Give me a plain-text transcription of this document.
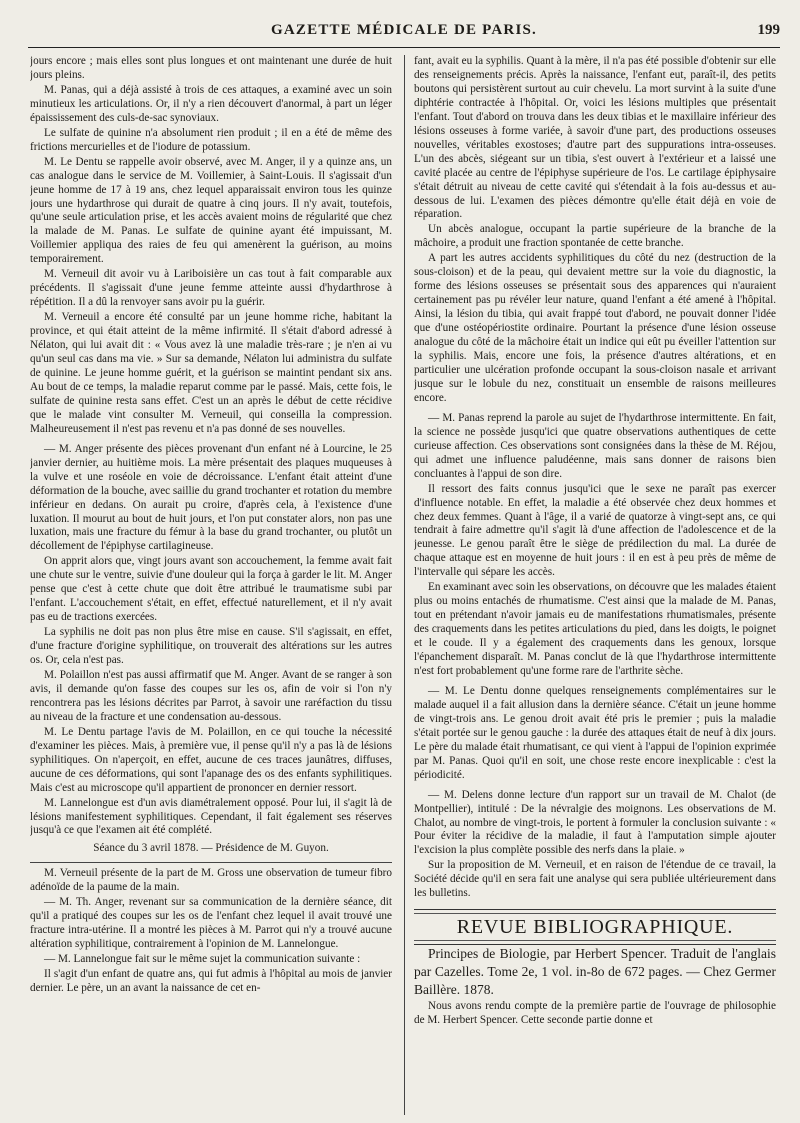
GAZETTE MÉDICALE DE PARIS.	199

jours encore ; mais elles sont plus longues et ont maintenant une durée de huit jours pleins.

M. Panas, qui a déjà assisté à trois de ces attaques, a examiné avec un soin minutieux les articulations. Or, il n'y a rien découvert d'anormal, à part un léger épaississement des culs-de-sac synoviaux.

Le sulfate de quinine n'a absolument rien produit ; il en a été de même des frictions mercurielles et de l'iodure de potassium.

M. Le Dentu se rappelle avoir observé, avec M. Anger, il y a quinze ans, un cas analogue dans le service de M. Voillemier, à Saint-Louis. Il s'agissait d'un jeune homme de 17 à 19 ans, chez lequel apparaissait environ tous les quinze jours une hydarthrose qui durait de quatre à cinq jours. Il n'y avait, toutefois, qu'une seule articulation prise, et les accès avaient moins de régularité que chez la malade de M. Panas. Le sulfate de quinine ayant été impuissant, M. Voillemier appliqua des raies de feu qui amenèrent la guérison, au moins temporairement.

M. Verneuil dit avoir vu à Lariboisière un cas tout à fait comparable aux précédents. Il s'agissait d'une jeune femme atteinte aussi d'hydarthrose à répétition. Il a dû la renvoyer sans avoir pu la guérir.

M. Verneuil a encore été consulté par un jeune homme riche, habitant la province, et qui était atteint de la même infirmité. Il s'était d'abord adressé à Nélaton, qui lui avait dit : « Vous avez là une maladie très-rare ; je n'en ai vu qu'un seul cas dans ma vie. » Sur sa demande, Nélaton lui administra du sulfate de quinine. Le jeune homme guérit, et la guérison se maintint pendant six ans. Au bout de ce temps, la maladie reparut comme par le passé. Mais, cette fois, le sulfate de quinine resta sans effet. C'est un an après le début de cette récidive que le malade vint consulter M. Verneuil, qui conseilla la compression. Malheureusement il n'est pas revenu et n'a pas donné de ses nouvelles.

— M. Anger présente des pièces provenant d'un enfant né à Lourcine, le 25 janvier dernier, au huitième mois. La mère présentait des plaques muqueuses à la vulve et une roséole en voie de décroissance. L'enfant était atteint d'une déformation de la bouche, avec saillie du grand trochanter et rotation du membre inférieur en dedans. On aurait pu croire, d'après cela, à l'existence d'une luxation. Il mourut au bout de huit jours, et l'on put constater alors, non pas une luxation, mais une fracture du fémur à la base du grand trochanter, ou plutôt un décollement de l'épiphyse cartilagineuse.

On apprit alors que, vingt jours avant son accouchement, la femme avait fait une chute sur le ventre, suivie d'une douleur qui la força à garder le lit. M. Anger pense que c'est à cette chute que doit être attribué le traumatisme subi par l'enfant. L'accouchement s'était, en effet, effectué naturellement, et il n'y avait pas eu de tractions exercées.

La syphilis ne doit pas non plus être mise en cause. S'il s'agissait, en effet, d'une fracture d'origine syphilitique, on trouverait des altérations sur les autres os. Or, cela n'est pas.

M. Polaillon n'est pas aussi affirmatif que M. Anger. Avant de se ranger à son avis, il demande qu'on fasse des coupes sur les os, afin de voir si l'on n'y rencontrera pas les lésions décrites par Parrot, à savoir une raréfaction du tissu au niveau de la fracture et une condensation au-dessous.

M. Le Dentu partage l'avis de M. Polaillon, en ce qui touche la nécessité d'examiner les pièces. Mais, à première vue, il pense qu'il n'y a pas là de lésions syphilitiques. On n'aperçoit, en effet, aucune de ces traces jaunâtres, diffuses, aucune de ces déformations, qui sont l'apanage des os des enfants syphilitiques. Mais c'est au microscope qu'il appartient de prononcer en dernier ressort.

M. Lannelongue est d'un avis diamétralement opposé. Pour lui, il s'agit là de lésions manifestement syphilitiques. Cependant, il fait également ses réserves jusqu'à ce que l'examen ait été complété.

Séance du 3 avril 1878. — Présidence de M. Guyon.

M. Verneuil présente de la part de M. Gross une observation de tumeur fibro adénoïde de la paume de la main.

— M. Th. Anger, revenant sur sa communication de la dernière séance, dit qu'il a pratiqué des coupes sur les os de l'enfant chez lequel il avait trouvé une fracture intra-utérine. Il a montré les pièces à M. Parrot qui n'y a trouvé aucune altération syphilitique, contrairement à l'opinion de M. Lannelongue.

— M. Lannelongue fait sur le même sujet la communication suivante :

Il s'agit d'un enfant de quatre ans, qui fut admis à l'hôpital au mois de janvier dernier. Le père, un an avant la naissance de cet en-

fant, avait eu la syphilis. Quant à la mère, il n'a pas été possible d'obtenir sur elle des renseignements précis. Après la naissance, l'enfant eut, paraît-il, des petits boutons qui persistèrent surtout au cuir chevelu. La mort survint à la suite d'une diphtérie contractée à l'hôpital. Or, voici les lésions multiples que présentait l'enfant. Tout d'abord on trouva dans les deux tibias et le maxillaire inférieur des lésions osseuses à forme variée, à savoir d'une part, des productions osseuses nouvelles, véritables exostoses; d'autre part des suppurations intra-osseuses. L'un des abcès, siégeant sur un tibia, s'est ouvert à l'extérieur et a laissé une cavité placée au centre de l'épiphyse supérieure de l'os. Le cartilage épiphysaire s'était détruit au niveau de cette cavité qui s'étendait à la fois au-dessus et au-dessous de lui. L'examen des pièces démontre qu'elle était déjà en voie de réparation.

Un abcès analogue, occupant la partie supérieure de la branche de la mâchoire, a produit une fraction spontanée de cette branche.

A part les autres accidents syphilitiques du côté du nez (destruction de la sous-cloison) et de la peau, qui devaient mettre sur la voie du diagnostic, la forme des lésions osseuses se présentait sous des apparences qui n'auraient certainement pas pu révéler leur nature, quand l'enfant a été amené à l'hôpital. Ainsi, la lésion du tibia, qui avait frappé tout d'abord, ne pouvait donner l'idée que d'une ostéopériostite ordinaire. Pourtant la présence d'une lésion osseuse analogue du côté de la mâchoire était un indice qui eût pu éveiller l'attention sur la syphilis. Mais, encore une fois, la présence d'autres altérations, et en particulier une ulcération profonde occupant la sous-cloison nasale et arrivant jusque sur le lobule du nez, constituait un ensemble de raisons meilleures encore.

— M. Panas reprend la parole au sujet de l'hydarthrose intermittente. En fait, la science ne possède jusqu'ici que quatre observations authentiques de cette curieuse affection. Ces observations sont consignées dans la thèse de M. Réjou, qui admet une influence paludéenne, mais sans donner de raisons bien concluantes à l'appui de son dire.

Il ressort des faits connus jusqu'ici que le sexe ne paraît pas exercer d'influence notable. En effet, la maladie a été observée chez deux hommes et chez deux femmes. Quant à l'âge, il a varié de quatorze à vingt-sept ans, ce qui tendrait à faire admettre qu'il s'agit là d'une affection de l'adolescence et de la jeunesse. Le genou paraît être le siège de prédilection du mal. La durée de chaque attaque est en moyenne de huit jours : il en est à peu près de même de l'intervalle qui sépare les accès.

En examinant avec soin les observations, on découvre que les malades étaient plus ou moins entachés de rhumatisme. C'est ainsi que la malade de M. Panas, tout en prétendant n'avoir jamais eu de manifestations rhumatismales, présente des craquements dans les petites articulations du pied, dans les doigts, le poignet et le coude. Il y a également des craquements dans les genoux, lorsque l'épanchement disparaît. M. Panas conclut de là que l'hydarthrose intermittente n'est fort probablement qu'une forme rare de l'arthrite sèche.

— M. Le Dentu donne quelques renseignements complémentaires sur le malade auquel il a fait allusion dans la dernière séance. C'était un jeune homme de vingt-trois ans. Le genou droit avait été pris le premier ; puis la maladie s'était portée sur le genou gauche : la durée des attaques était de neuf à dix jours. Le père du malade était rhumatisant, ce qui vient à l'appui de l'opinion exprimée par M. Panas. Quoi qu'il en soit, une chose reste encore inexplicable : c'est la périodicité.

— M. Delens donne lecture d'un rapport sur un travail de M. Chalot (de Montpellier), intitulé : De la névralgie des moignons. Les observations de M. Chalot, au nombre de vingt-trois, le portent à formuler la conclusion suivante : « Pour éviter la récidive de la maladie, il faut à l'amputation simple ajouter l'excision la plus complète possible des nerfs dans la plaie. »

Sur la proposition de M. Verneuil, et en raison de l'étendue de ce travail, la Société décide qu'il en sera fait une analyse qui sera publiée ultérieurement dans les bulletins.

REVUE BIBLIOGRAPHIQUE.

Principes de Biologie, par Herbert Spencer. Traduit de l'anglais par Cazelles. Tome 2e, 1 vol. in-8o de 672 pages. — Chez Germer Baillère. 1878.

Nous avons rendu compte de la première partie de l'ouvrage de philosophie de M. Herbert Spencer. Cette seconde partie donne et
